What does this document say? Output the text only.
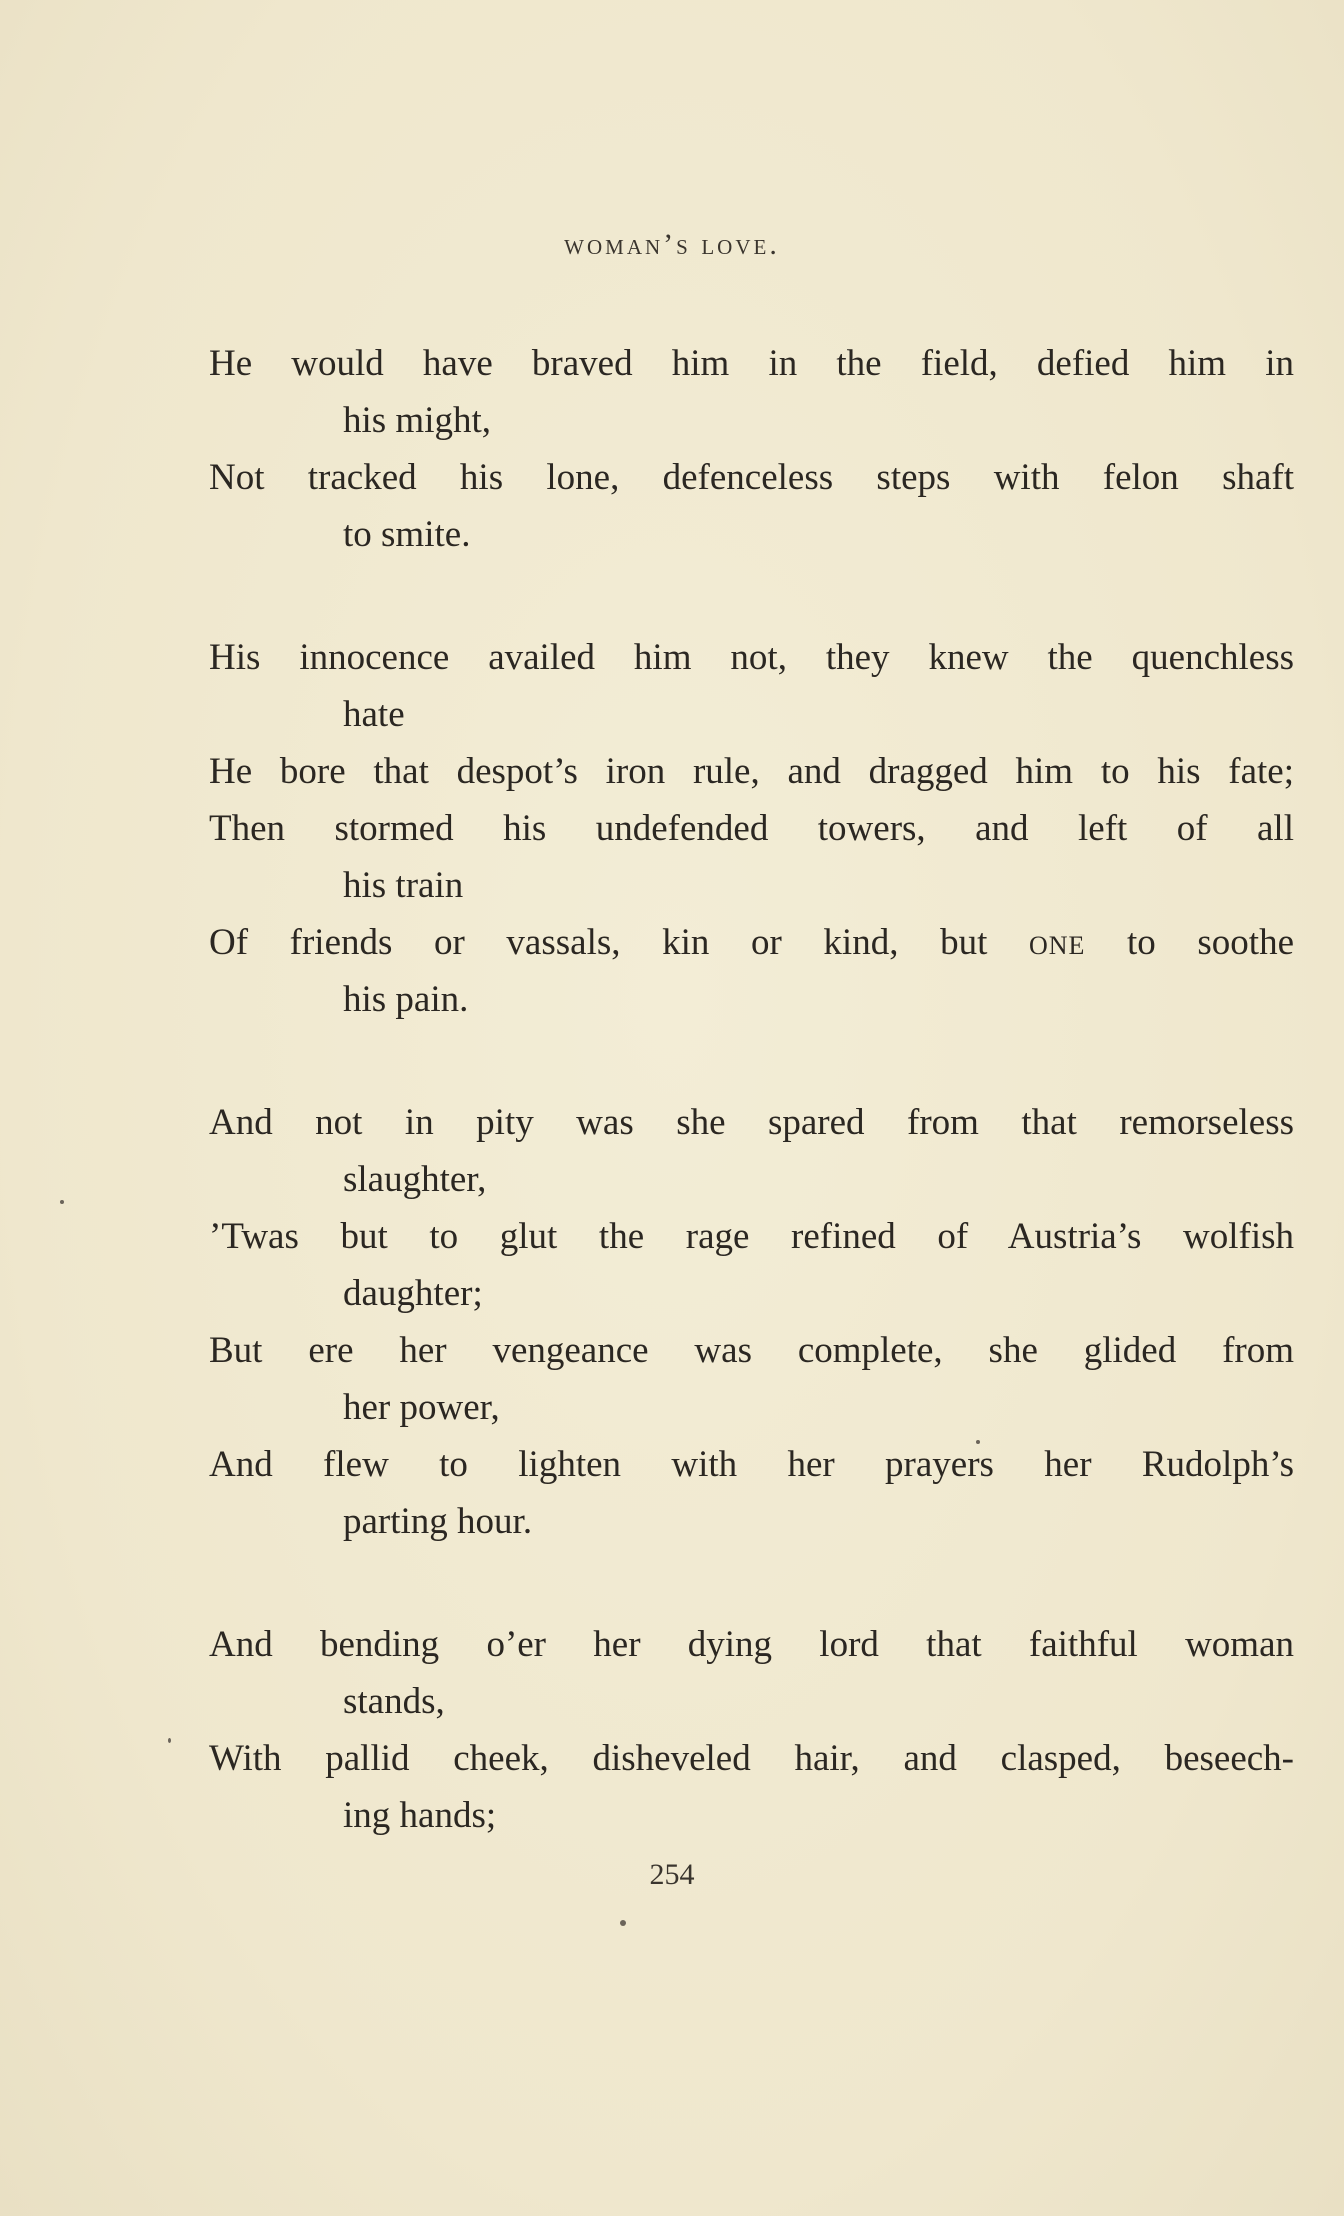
woman’s love.
He would have braved him in the field, defied him in
his might,
Not tracked his lone, defenceless steps with felon shaft
to smite.
His innocence availed him not, they knew the quenchless
hate
He bore that despot’s iron rule, and dragged him to his fate;
Then stormed his undefended towers, and left of all
his train
Of friends or vassals, kin or kind, but one to soothe
his pain.
And not in pity was she spared from that remorseless
slaughter,
’Twas but to glut the rage refined of Austria’s wolfish
daughter;
But ere her vengeance was complete, she glided from
her power,
And flew to lighten with her prayers her Rudolph’s
parting hour.
And bending o’er her dying lord that faithful woman
stands,
With pallid cheek, disheveled hair, and clasped, beseech-
ing hands;
254
